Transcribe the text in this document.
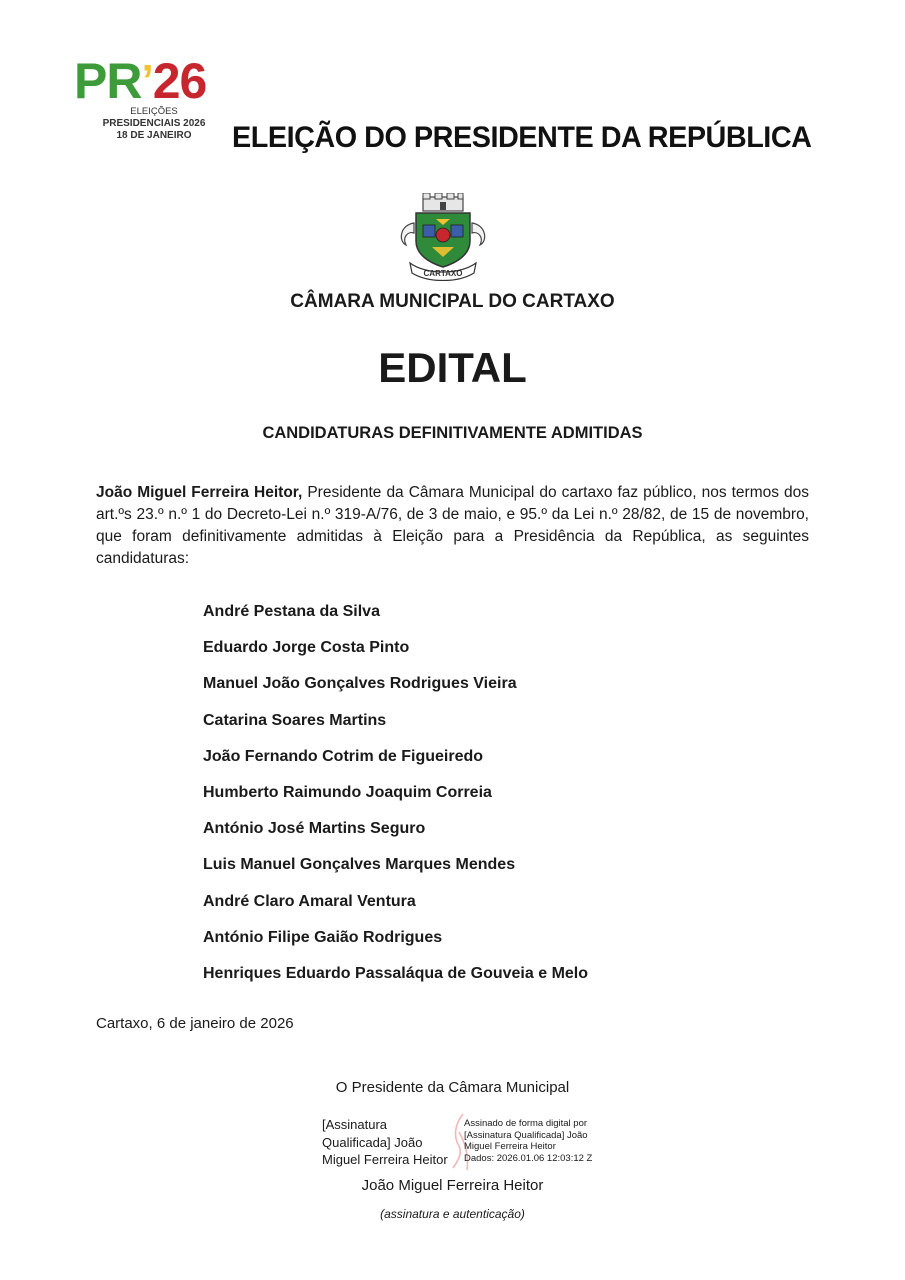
PR’26
ELEIÇÕES
PRESIDENCIAIS 2026
18 DE JANEIRO	ELEIÇÃO DO PRESIDENTE DA REPÚBLICA
CARTAXO
CÂMARA MUNICIPAL DO CARTAXO
EDITAL
CANDIDATURAS DEFINITIVAMENTE ADMITIDAS
João Miguel Ferreira Heitor, Presidente da Câmara Municipal do cartaxo faz público, nos termos dos art.ºs 23.º n.º 1 do Decreto-Lei n.º 319-A/76, de 3 de maio, e 95.º da Lei n.º 28/82, de 15 de novembro, que foram definitivamente admitidas à Eleição para a Presidência da República, as seguintes candidaturas:
André Pestana da Silva
Eduardo Jorge Costa Pinto
Manuel João Gonçalves Rodrigues Vieira
Catarina Soares Martins
João Fernando Cotrim de Figueiredo
Humberto Raimundo Joaquim Correia
António José Martins Seguro
Luis Manuel Gonçalves Marques Mendes
André Claro Amaral Ventura
António Filipe Gaião Rodrigues
Henriques Eduardo Passaláqua de Gouveia e Melo
Cartaxo, 6 de janeiro de 2026
O Presidente da Câmara Municipal
[Assinatura
Qualificada] João
Miguel Ferreira Heitor
Assinado de forma digital por
[Assinatura Qualificada] João
Miguel Ferreira Heitor
Dados: 2026.01.06 12:03:12 Z
João Miguel Ferreira Heitor
(assinatura e autenticação)
